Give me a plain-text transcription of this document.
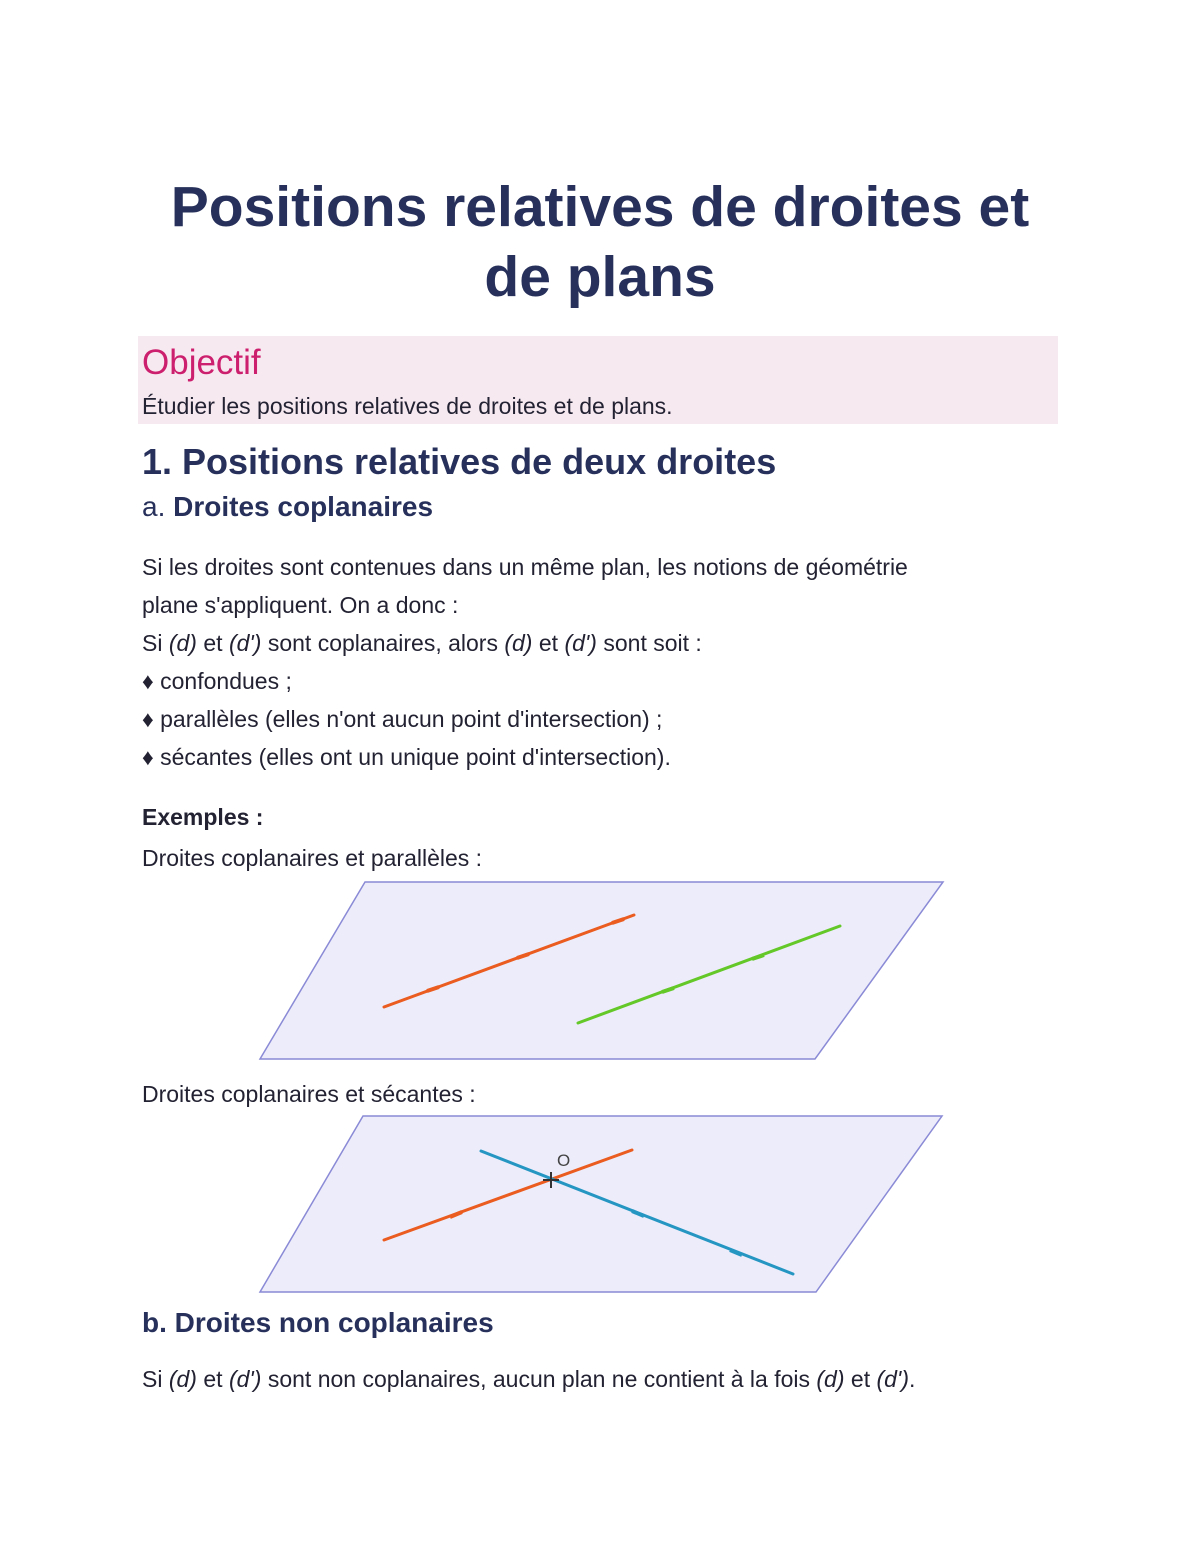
Positions relatives de droites et
de plans
Objectif
Étudier les positions relatives de droites et de plans.
1. Positions relatives de deux droites
a. Droites coplanaires
Si les droites sont contenues dans un même plan, les notions de géométrie
plane s'appliquent. On a donc :
Si (d) et (d') sont coplanaires, alors (d) et (d') sont soit :
♦ confondues ;
♦ parallèles (elles n'ont aucun point d'intersection) ;
♦ sécantes (elles ont un unique point d'intersection).
Exemples :
Droites coplanaires et parallèles :
Droites coplanaires et sécantes :
O
b. Droites non coplanaires
Si (d) et (d') sont non coplanaires, aucun plan ne contient à la fois (d) et (d').
